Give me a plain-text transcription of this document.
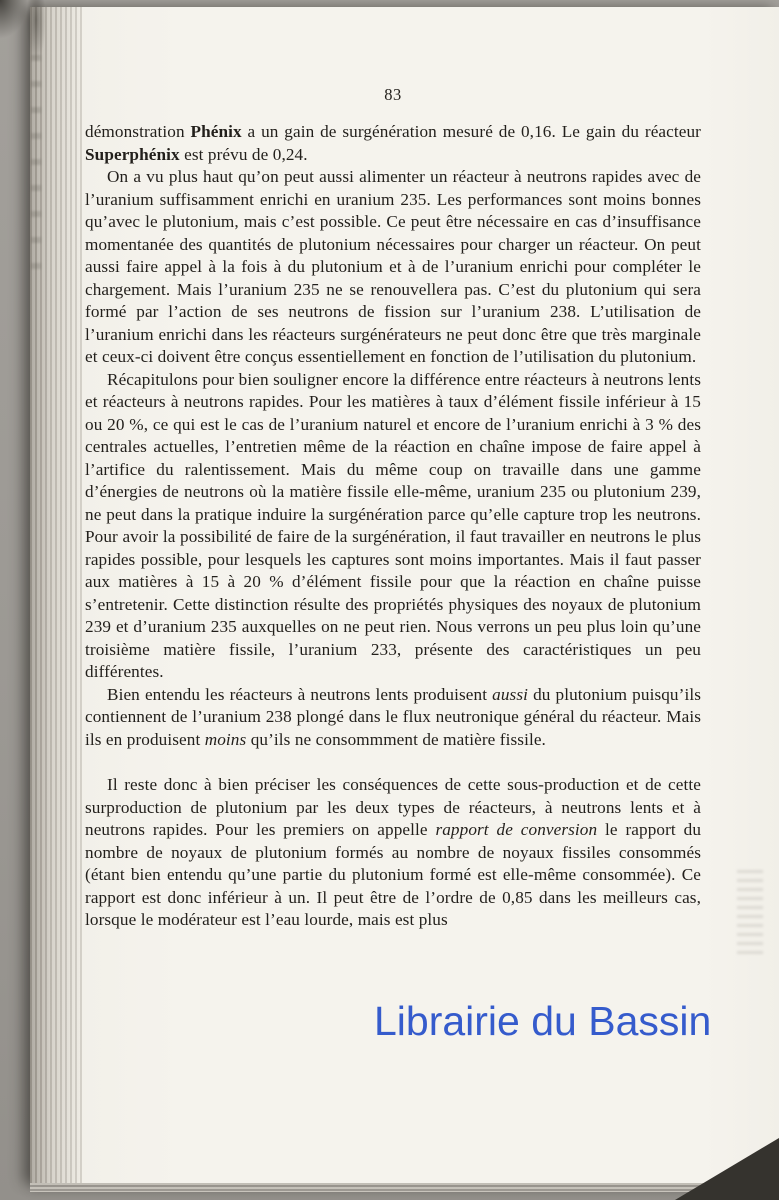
83

démonstration Phénix a un gain de surgénération mesuré de 0,16. Le gain du réacteur Superphénix est prévu de 0,24.

On a vu plus haut qu’on peut aussi alimenter un réacteur à neutrons rapides avec de l’uranium suffisamment enrichi en uranium 235. Les performances sont moins bonnes qu’avec le plutonium, mais c’est possible. Ce peut être nécessaire en cas d’insuffisance momentanée des quantités de plutonium nécessaires pour charger un réacteur. On peut aussi faire appel à la fois à du plutonium et à de l’uranium enrichi pour compléter le chargement. Mais l’uranium 235 ne se renouvellera pas. C’est du plutonium qui sera formé par l’action de ses neutrons de fission sur l’uranium 238. L’utilisation de l’uranium enrichi dans les réacteurs surgénérateurs ne peut donc être que très marginale et ceux-ci doivent être conçus essentiellement en fonction de l’utilisation du plutonium.

Récapitulons pour bien souligner encore la différence entre réacteurs à neutrons lents et réacteurs à neutrons rapides. Pour les matières à taux d’élément fissile inférieur à 15 ou 20 %, ce qui est le cas de l’uranium naturel et encore de l’uranium enrichi à 3 % des centrales actuelles, l’entretien même de la réaction en chaîne impose de faire appel à l’artifice du ralentissement. Mais du même coup on travaille dans une gamme d’énergies de neutrons où la matière fissile elle-même, uranium 235 ou plutonium 239, ne peut dans la pratique induire la surgénération parce qu’elle capture trop les neutrons. Pour avoir la possibilité de faire de la surgénération, il faut travailler en neutrons le plus rapides possible, pour lesquels les captures sont moins importantes. Mais il faut passer aux matières à 15 à 20 % d’élément fissile pour que la réaction en chaîne puisse s’entretenir. Cette distinction résulte des propriétés physiques des noyaux de plutonium 239 et d’uranium 235 auxquelles on ne peut rien. Nous verrons un peu plus loin qu’une troisième matière fissile, l’uranium 233, présente des caractéristiques un peu différentes.

Bien entendu les réacteurs à neutrons lents produisent aussi du plutonium puisqu’ils contiennent de l’uranium 238 plongé dans le flux neutronique général du réacteur. Mais ils en produisent moins qu’ils ne consommment de matière fissile.

Il reste donc à bien préciser les conséquences de cette sous-production et de cette surproduction de plutonium par les deux types de réacteurs, à neutrons lents et à neutrons rapides. Pour les premiers on appelle rapport de conversion le rapport du nombre de noyaux de plutonium formés au nombre de noyaux fissiles consommés (étant bien entendu qu’une partie du plutonium formé est elle-même consommée). Ce rapport est donc inférieur à un. Il peut être de l’ordre de 0,85 dans les meilleurs cas, lorsque le modérateur est l’eau lourde, mais est plus

Librairie du Bassin
